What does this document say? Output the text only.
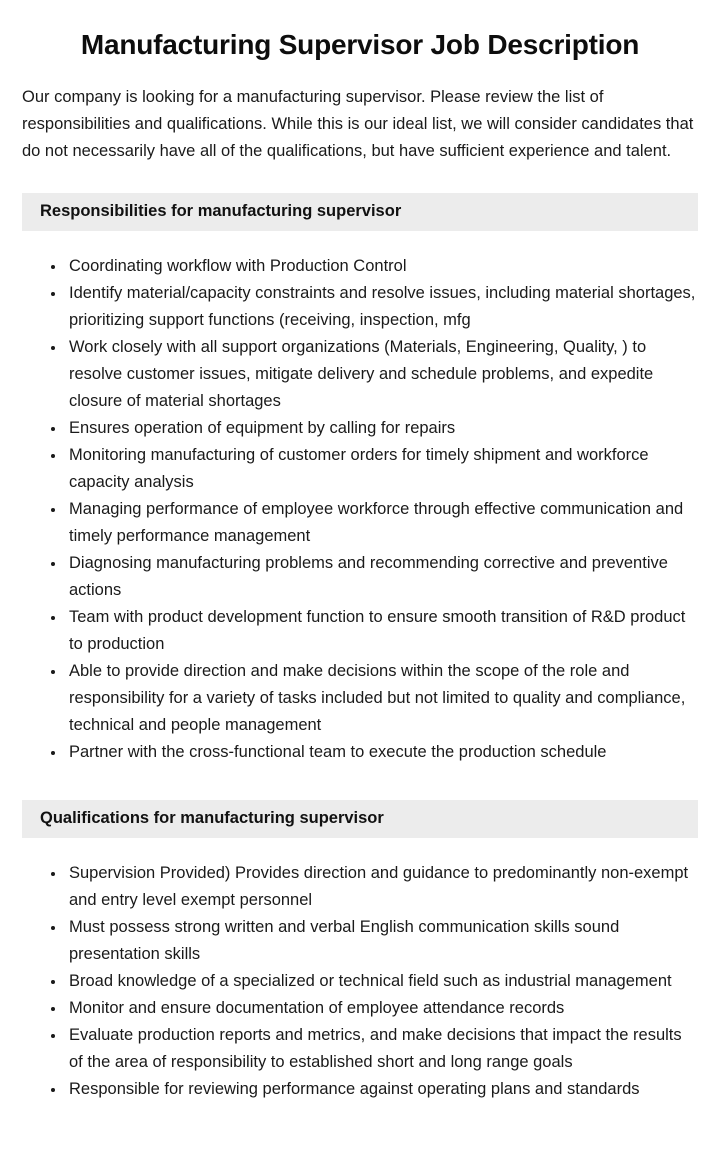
Manufacturing Supervisor Job Description

Our company is looking for a manufacturing supervisor. Please review the list of responsibilities and qualifications. While this is our ideal list, we will consider candidates that do not necessarily have all of the qualifications, but have sufficient experience and talent.

Responsibilities for manufacturing supervisor
• Coordinating workflow with Production Control
• Identify material/capacity constraints and resolve issues, including material shortages, prioritizing support functions (receiving, inspection, mfg
• Work closely with all support organizations (Materials, Engineering, Quality, ) to resolve customer issues, mitigate delivery and schedule problems, and expedite closure of material shortages
• Ensures operation of equipment by calling for repairs
• Monitoring manufacturing of customer orders for timely shipment and workforce capacity analysis
• Managing performance of employee workforce through effective communication and timely performance management
• Diagnosing manufacturing problems and recommending corrective and preventive actions
• Team with product development function to ensure smooth transition of R&D product to production
• Able to provide direction and make decisions within the scope of the role and responsibility for a variety of tasks included but not limited to quality and compliance, technical and people management
• Partner with the cross-functional team to execute the production schedule
Qualifications for manufacturing supervisor
• Supervision Provided) Provides direction and guidance to predominantly non-exempt and entry level exempt personnel
• Must possess strong written and verbal English communication skills sound presentation skills
• Broad knowledge of a specialized or technical field such as industrial management
• Monitor and ensure documentation of employee attendance records
• Evaluate production reports and metrics, and make decisions that impact the results of the area of responsibility to established short and long range goals
• Responsible for reviewing performance against operating plans and standards
